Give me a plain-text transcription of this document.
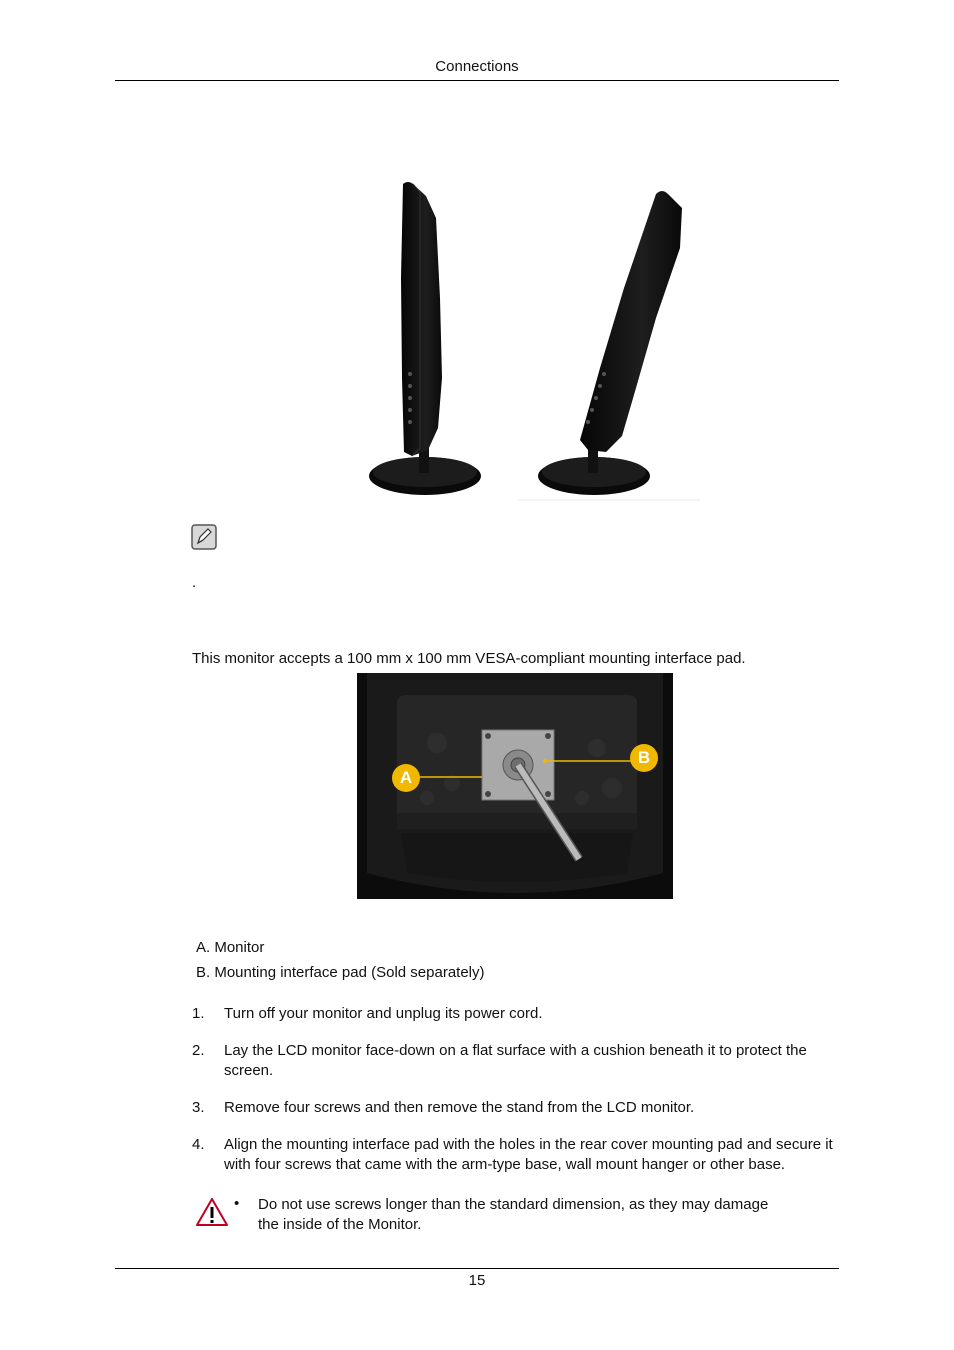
Connections
.
This monitor accepts a 100 mm x 100 mm VESA-compliant mounting interface pad.
A
B
A. Monitor
B. Mounting interface pad (Sold separately)
1. Turn off your monitor and unplug its power cord.
2. Lay the LCD monitor face-down on a flat surface with a cushion beneath it to protect the screen.
3. Remove four screws and then remove the stand from the LCD monitor.
4. Align the mounting interface pad with the holes in the rear cover mounting pad and secure it with four screws that came with the arm-type base, wall mount hanger or other base.
• Do not use screws longer than the standard dimension, as they may damage the inside of the Monitor.
15
